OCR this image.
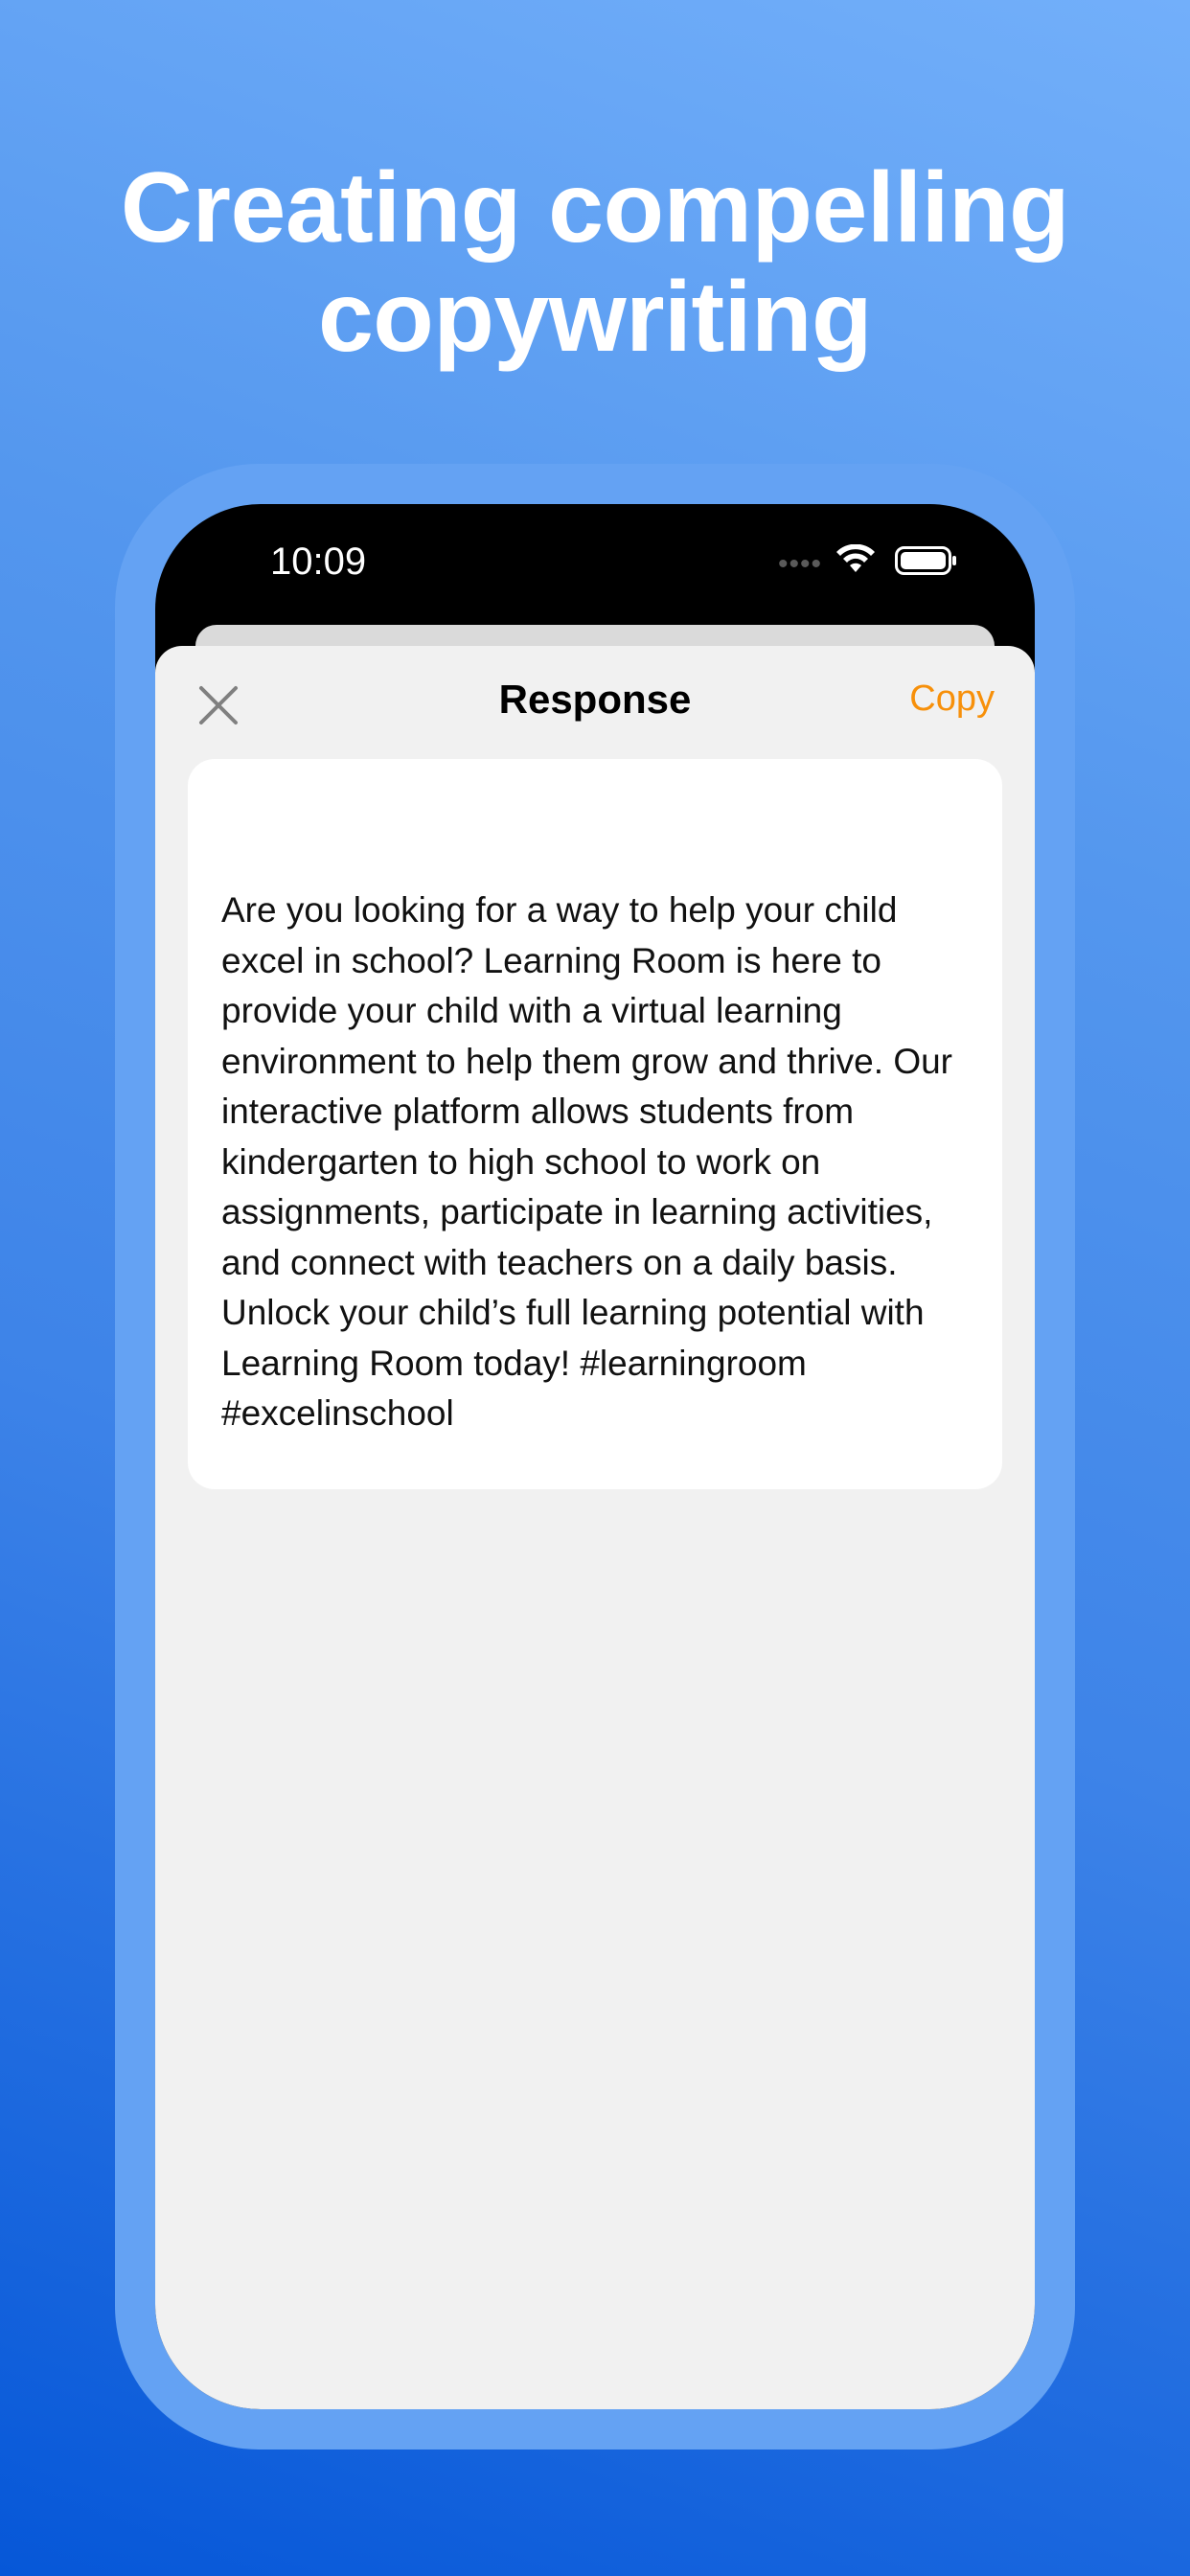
Creating compelling
copywriting
10:09	••••
Response	Copy
Are you looking for a way to help your child excel in school? Learning Room is here to provide your child with a virtual learning environment to help them grow and thrive. Our interactive platform allows students from kindergarten to high school to work on assignments, participate in learning activities, and connect with teachers on a daily basis. Unlock your child’s full learning potential with Learning Room today! #learningroom #excelinschool
